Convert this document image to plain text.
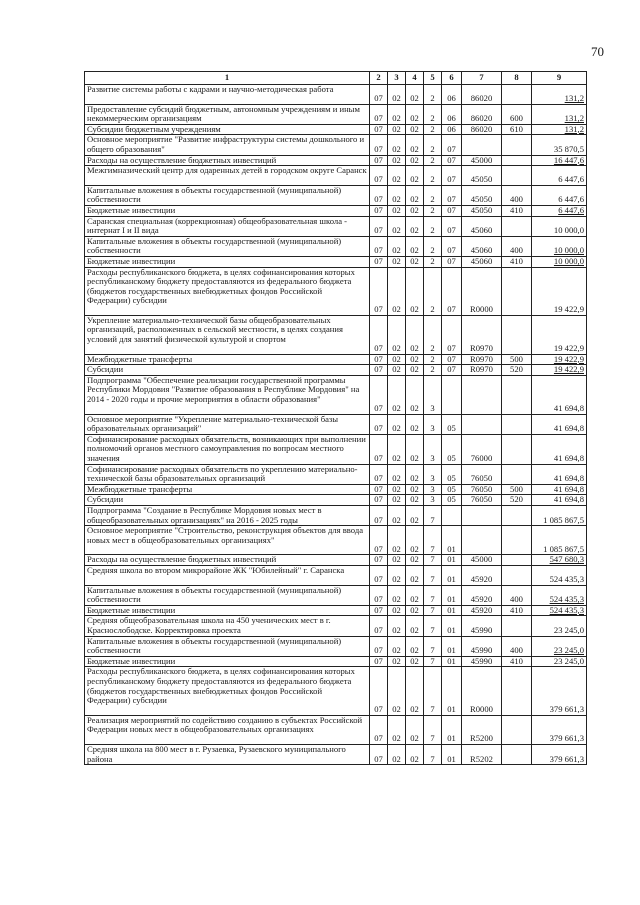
70
1	2	3	4	5	6	7	8	9
Развитие системы работы с кадрами и научно-методическая работа	07	02	02	2	06	86020		131,2
Предоставление субсидий бюджетным, автономным учреждениям и иным некоммерческим организациям	07	02	02	2	06	86020	600	131,2
Субсидии бюджетным учреждениям	07	02	02	2	06	86020	610	131,2
Основное мероприятие "Развитие инфраструктуры системы дошкольного и общего образования"	07	02	02	2	07			35 870,5
Расходы на осуществление бюджетных инвестиций	07	02	02	2	07	45000		16 447,6
Межгимназический центр для одаренных детей в городском округе Саранск	07	02	02	2	07	45050		6 447,6
Капитальные вложения в объекты государственной (муниципальной) собственности	07	02	02	2	07	45050	400	6 447,6
Бюджетные инвестиции	07	02	02	2	07	45050	410	6 447,6
Саранская специальная (коррекционная) общеобразовательная школа - интернат I и II вида	07	02	02	2	07	45060		10 000,0
Капитальные вложения в объекты государственной (муниципальной) собственности	07	02	02	2	07	45060	400	10 000,0
Бюджетные инвестиции	07	02	02	2	07	45060	410	10 000,0
Расходы республиканского бюджета, в целях софинансирования которых республиканскому бюджету предоставляются из федерального бюджета (бюджетов государственных внебюджетных фондов Российской Федерации) субсидии	07	02	02	2	07	R0000		19 422,9
Укрепление материально-технической базы общеобразовательных организаций, расположенных в сельской местности, в целях создания условий для занятий физической культурой и спортом	07	02	02	2	07	R0970		19 422,9
Межбюджетные трансферты	07	02	02	2	07	R0970	500	19 422,9
Субсидии	07	02	02	2	07	R0970	520	19 422,9
Подпрограмма "Обеспечение реализации государственной программы Республики Мордовия "Развитие образования в Республике Мордовия" на 2014 - 2020 годы и прочие мероприятия в области образования"	07	02	02	3				41 694,8
Основное мероприятие "Укрепление материально-технической базы образовательных организаций"	07	02	02	3	05			41 694,8
Софинансирование расходных обязательств, возникающих при выполнении полномочий органов местного самоуправления по вопросам местного значения	07	02	02	3	05	76000		41 694,8
Софинансирование расходных обязательств по укреплению материально-технической базы образовательных организаций	07	02	02	3	05	76050		41 694,8
Межбюджетные трансферты	07	02	02	3	05	76050	500	41 694,8
Субсидии	07	02	02	3	05	76050	520	41 694,8
Подпрограмма "Создание в Республике Мордовия новых мест в общеобразовательных организациях" на 2016 - 2025 годы	07	02	02	7				1 085 867,5
Основное мероприятие "Строительство, реконструкция объектов для ввода новых мест в общеобразовательных организациях"	07	02	02	7	01			1 085 867,5
Расходы на осуществление бюджетных инвестиций	07	02	02	7	01	45000		547 680,3
Средняя школа во втором микрорайоне ЖК "Юбилейный" г. Саранска	07	02	02	7	01	45920		524 435,3
Капитальные вложения в объекты государственной (муниципальной) собственности	07	02	02	7	01	45920	400	524 435,3
Бюджетные инвестиции	07	02	02	7	01	45920	410	524 435,3
Средняя общеобразовательная школа на 450 ученических мест в г. Краснослободске. Корректировка проекта	07	02	02	7	01	45990		23 245,0
Капитальные вложения в объекты государственной (муниципальной) собственности	07	02	02	7	01	45990	400	23 245,0
Бюджетные инвестиции	07	02	02	7	01	45990	410	23 245,0
Расходы республиканского бюджета, в целях софинансирования которых республиканскому бюджету предоставляются из федерального бюджета (бюджетов государственных внебюджетных фондов Российской Федерации) субсидии	07	02	02	7	01	R0000		379 661,3
Реализация мероприятий по содействию созданию в субъектах Российской Федерации новых мест в общеобразовательных организациях	07	02	02	7	01	R5200		379 661,3
Средняя школа на 800 мест в г. Рузаевка, Рузаевского муниципального района	07	02	02	7	01	R5202		379 661,3
